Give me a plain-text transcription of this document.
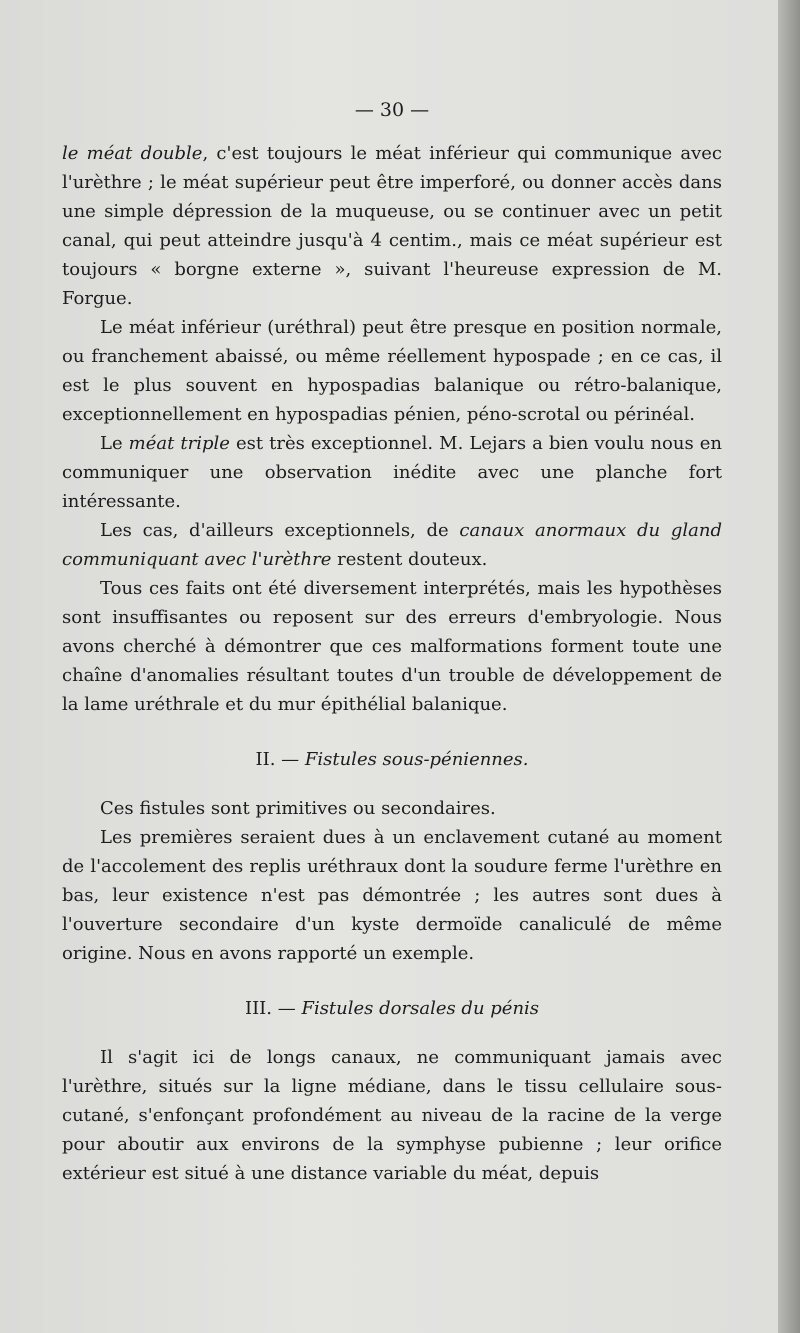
— 30 —

le méat double, c'est toujours le méat inférieur qui communique avec l'urèthre ; le méat supérieur peut être imperforé, ou donner accès dans une simple dépression de la muqueuse, ou se continuer avec un petit canal, qui peut atteindre jusqu'à 4 centim., mais ce méat supérieur est toujours « borgne externe », suivant l'heureuse expression de M. Forgue.

Le méat inférieur (uréthral) peut être presque en position normale, ou franchement abaissé, ou même réellement hypospade ; en ce cas, il est le plus souvent en hypospadias balanique ou rétro-balanique, exceptionnellement en hypospadias pénien, péno-scrotal ou périnéal.

Le méat triple est très exceptionnel. M. Lejars a bien voulu nous en communiquer une observation inédite avec une planche fort intéressante.

Les cas, d'ailleurs exceptionnels, de canaux anormaux du gland communiquant avec l'urèthre restent douteux.

Tous ces faits ont été diversement interprétés, mais les hypothèses sont insuffisantes ou reposent sur des erreurs d'embryologie. Nous avons cherché à démontrer que ces malformations forment toute une chaîne d'anomalies résultant toutes d'un trouble de développement de la lame uréthrale et du mur épithélial balanique.

II. — Fistules sous-péniennes.

Ces fistules sont primitives ou secondaires.

Les premières seraient dues à un enclavement cutané au moment de l'accolement des replis uréthraux dont la soudure ferme l'urèthre en bas, leur existence n'est pas démontrée ; les autres sont dues à l'ouverture secondaire d'un kyste dermoïde canaliculé de même origine. Nous en avons rapporté un exemple.

III. — Fistules dorsales du pénis

Il s'agit ici de longs canaux, ne communiquant jamais avec l'urèthre, situés sur la ligne médiane, dans le tissu cellulaire sous-cutané, s'enfonçant profondément au niveau de la racine de la verge pour aboutir aux environs de la symphyse pubienne ; leur orifice extérieur est situé à une distance variable du méat, depuis
